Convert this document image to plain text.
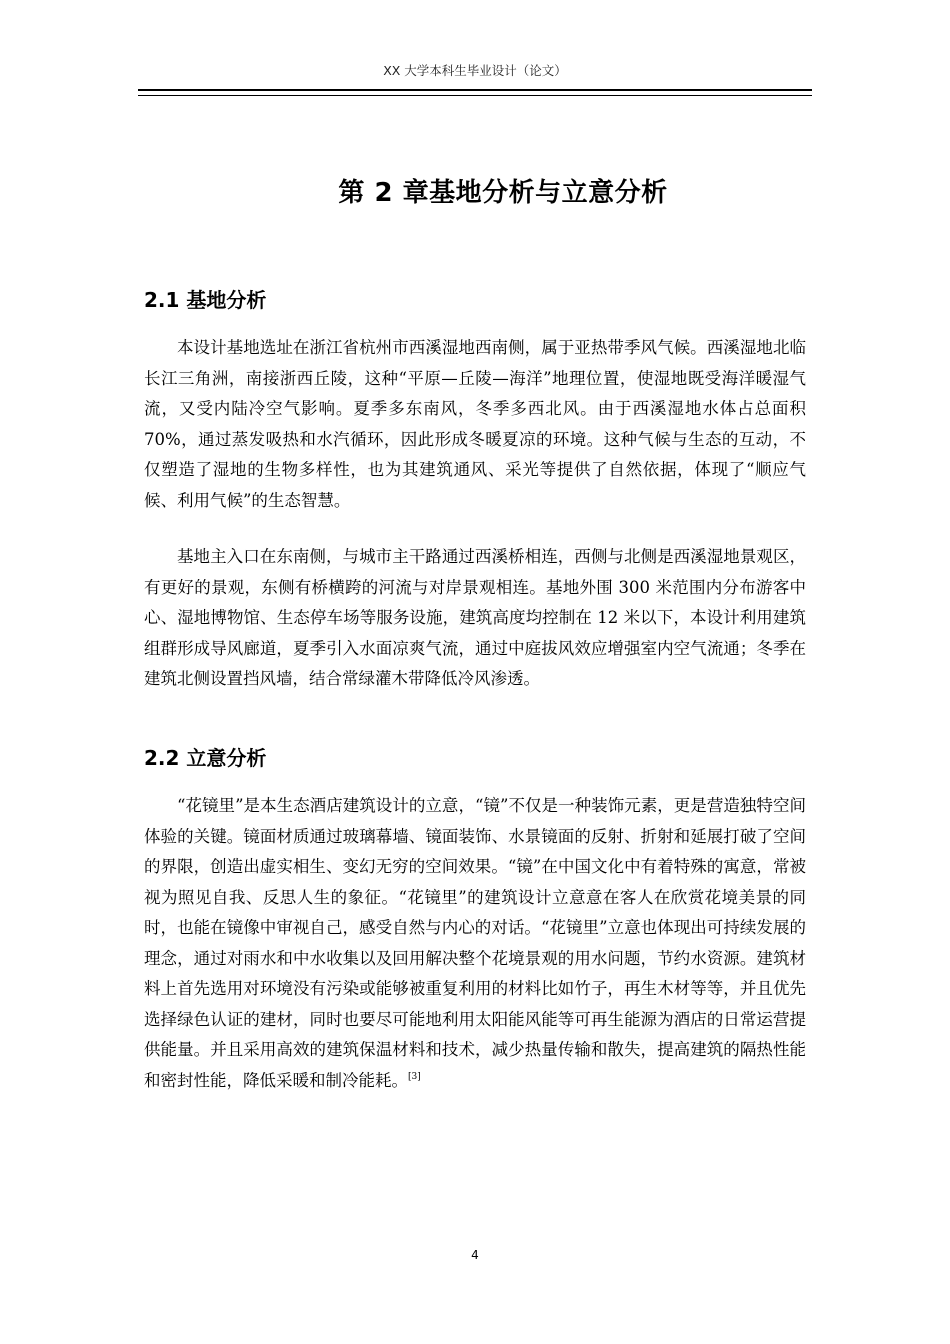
XX 大学本科生毕业设计（论文）
第 2 章基地分析与立意分析
2.1 基地分析

本设计基地选址在浙江省杭州市西溪湿地西南侧，属于亚热带季风气候。西溪湿地北临长江三角洲，南接浙西丘陵，这种“平原—丘陵—海洋”地理位置，使湿地既受海洋暖湿气流，又受内陆冷空气影响。夏季多东南风，冬季多西北风。由于西溪湿地水体占总面积 70%，通过蒸发吸热和水汽循环，因此形成冬暖夏凉的环境。这种气候与生态的互动，不仅塑造了湿地的生物多样性，也为其建筑通风、采光等提供了自然依据，体现了“顺应气候、利用气候”的生态智慧。

基地主入口在东南侧，与城市主干路通过西溪桥相连，西侧与北侧是西溪湿地景观区，有更好的景观，东侧有桥横跨的河流与对岸景观相连。基地外围 300 米范围内分布游客中心、湿地博物馆、生态停车场等服务设施，建筑高度均控制在 12 米以下，本设计利用建筑组群形成导风廊道，夏季引入水面凉爽气流，通过中庭拔风效应增强室内空气流通；冬季在建筑北侧设置挡风墙，结合常绿灌木带降低冷风渗透。

2.2 立意分析

“花镜里”是本生态酒店建筑设计的立意，“镜”不仅是一种装饰元素，更是营造独特空间体验的关键。镜面材质通过玻璃幕墙、镜面装饰、水景镜面的反射、折射和延展打破了空间的界限，创造出虚实相生、变幻无穷的空间效果。“镜”在中国文化中有着特殊的寓意，常被视为照见自我、反思人生的象征。“花镜里”的建筑设计立意意在客人在欣赏花境美景的同时，也能在镜像中审视自己，感受自然与内心的对话。“花镜里”立意也体现出可持续发展的理念，通过对雨水和中水收集以及回用解决整个花境景观的用水问题，节约水资源。建筑材料上首先选用对环境没有污染或能够被重复利用的材料比如竹子，再生木材等等，并且优先选择绿色认证的建材，同时也要尽可能地利用太阳能风能等可再生能源为酒店的日常运营提供能量。并且采用高效的建筑保温材料和技术，减少热量传输和散失，提高建筑的隔热性能和密封性能，降低采暖和制冷能耗。[3]

4
